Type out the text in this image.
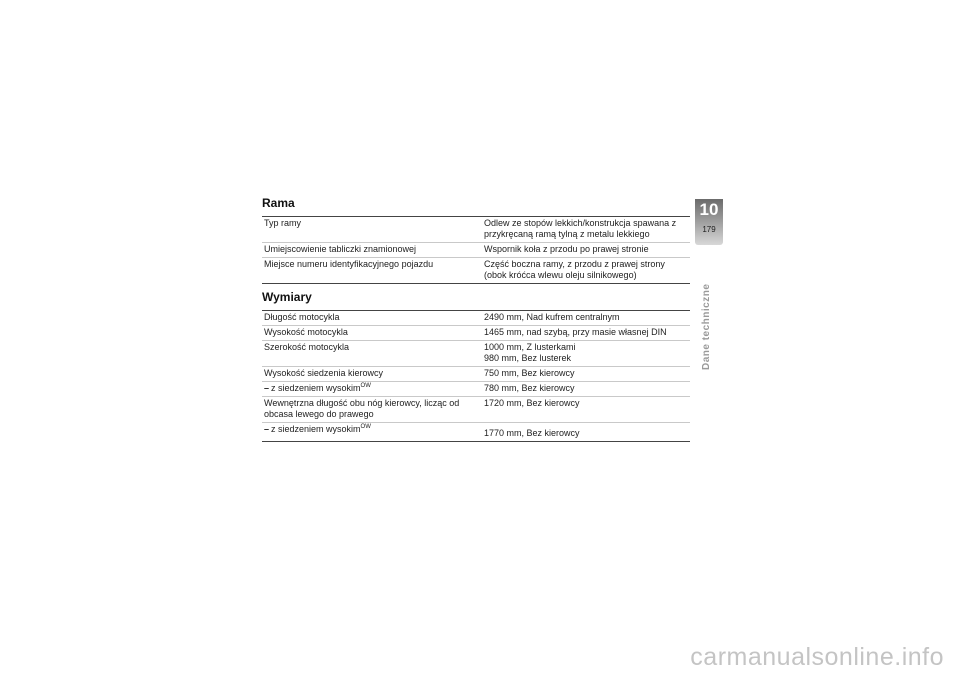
Rama
Typ ramy	Odlew ze stopów lekkich/konstrukcja spawana z
przykręcaną ramą tylną z metalu lekkiego

Umiejscowienie tabliczki znamionowej	Wspornik koła z przodu po prawej stronie

Miejsce numeru identyfikacyjnego pojazdu	Część boczna ramy, z przodu z prawej strony
(obok króćca wlewu oleju silnikowego)
Wymiary
Długość motocykla	2490 mm, Nad kufrem centralnym

Wysokość motocykla	1465 mm, nad szybą, przy masie własnej DIN

Szerokość motocykla	1000 mm, Z lusterkami
980 mm, Bez lusterek

Wysokość siedzenia kierowcy	750 mm, Bez kierowcy

– z siedzeniem wysokim$^{OW}$	780 mm, Bez kierowcy

Wewnętrzna długość obu nóg kierowcy, licząc od
obcasa lewego do prawego	1720 mm, Bez kierowcy

– z siedzeniem wysokim$^{OW}$	1770 mm, Bez kierowcy
10
179
Dane techniczne
carmanualsonline.info
